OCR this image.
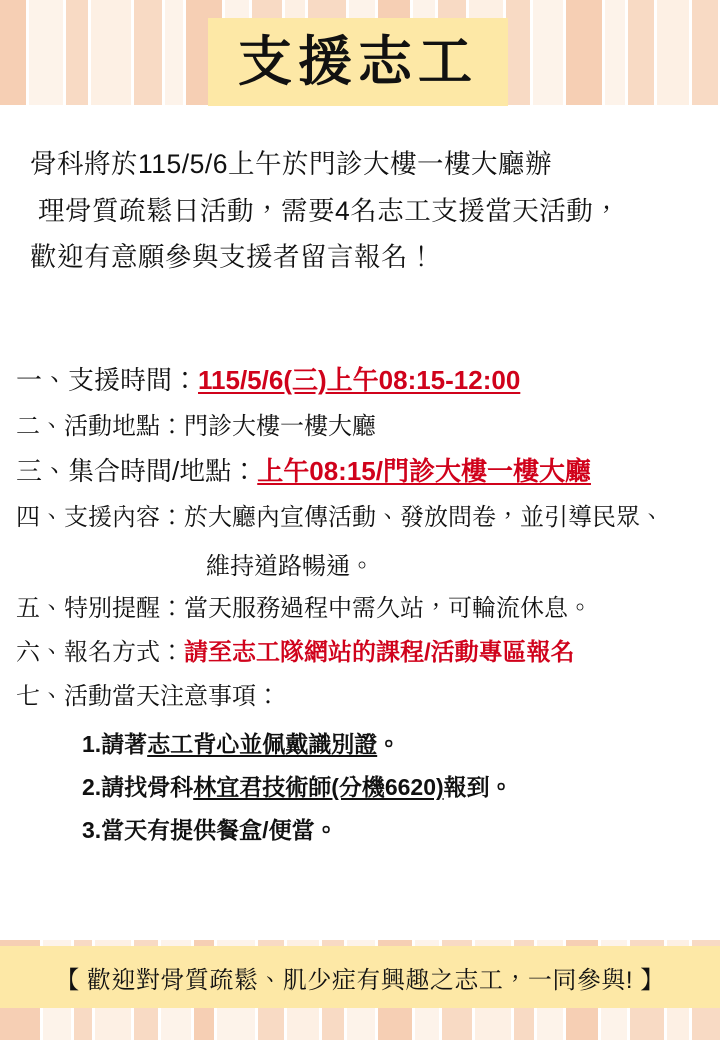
支援志工

骨科將於115/5/6上午於門診大樓一樓大廳辦

理骨質疏鬆日活動，需要4名志工支援當天活動，

歡迎有意願參與支援者留言報名！

一、支援時間：115/5/6(三)上午08:15-12:00
二、活動地點：門診大樓一樓大廳
三、集合時間/地點：上午08:15/門診大樓一樓大廳
四、支援內容：於大廳內宣傳活動、發放問卷，並引導民眾、
維持道路暢通。
五、特別提醒：當天服務過程中需久站，可輪流休息。
六、報名方式：請至志工隊網站的課程/活動專區報名
七、活動當天注意事項：
1.請著志工背心並佩戴識別證。
2.請找骨科林宜君技術師(分機6620)報到。
3.當天有提供餐盒/便當。
【 歡迎對骨質疏鬆、肌少症有興趣之志工，一同參與! 】
